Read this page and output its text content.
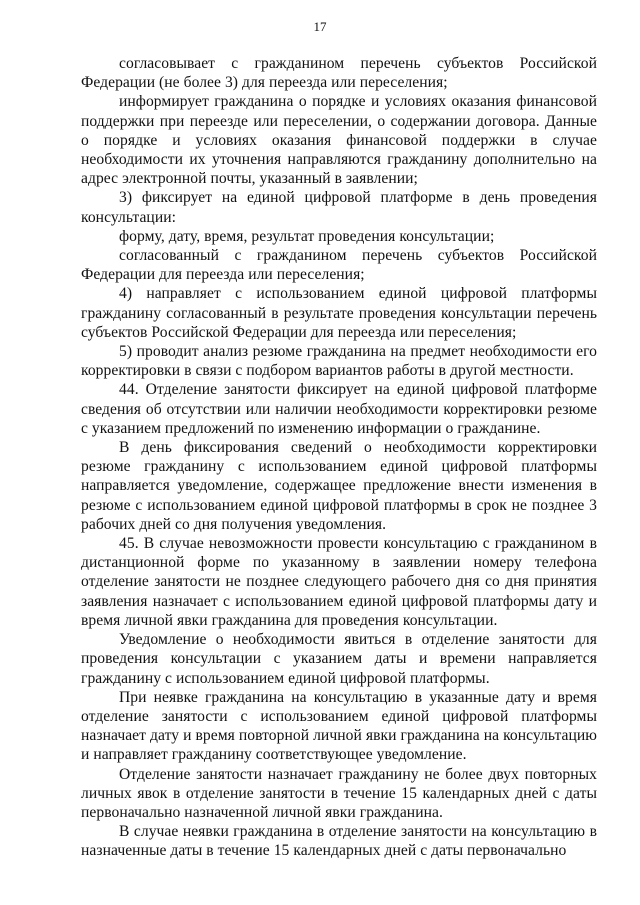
17

согласовывает с гражданином перечень субъектов Российской Федерации (не более 3) для переезда или переселения;

информирует гражданина о порядке и условиях оказания финансовой поддержки при переезде или переселении, о содержании договора. Данные о порядке и условиях оказания финансовой поддержки в случае необходимости их уточнения направляются гражданину дополнительно на адрес электронной почты, указанный в заявлении;

3) фиксирует на единой цифровой платформе в день проведения консультации:

форму, дату, время, результат проведения консультации;

согласованный с гражданином перечень субъектов Российской Федерации для переезда или переселения;

4) направляет с использованием единой цифровой платформы гражданину согласованный в результате проведения консультации перечень субъектов Российской Федерации для переезда или переселения;

5) проводит анализ резюме гражданина на предмет необходимости его корректировки в связи с подбором вариантов работы в другой местности.

44. Отделение занятости фиксирует на единой цифровой платформе сведения об отсутствии или наличии необходимости корректировки резюме с указанием предложений по изменению информации о гражданине.

В день фиксирования сведений о необходимости корректировки резюме гражданину с использованием единой цифровой платформы направляется уведомление, содержащее предложение внести изменения в резюме с использованием единой цифровой платформы в срок не позднее 3 рабочих дней со дня получения уведомления.

45. В случае невозможности провести консультацию с гражданином в дистанционной форме по указанному в заявлении номеру телефона отделение занятости не позднее следующего рабочего дня со дня принятия заявления назначает с использованием единой цифровой платформы дату и время личной явки гражданина для проведения консультации.

Уведомление о необходимости явиться в отделение занятости для проведения консультации с указанием даты и времени направляется гражданину с использованием единой цифровой платформы.

При неявке гражданина на консультацию в указанные дату и время отделение занятости с использованием единой цифровой платформы назначает дату и время повторной личной явки гражданина на консультацию и направляет гражданину соответствующее уведомление.

Отделение занятости назначает гражданину не более двух повторных личных явок в отделение занятости в течение 15 календарных дней с даты первоначально назначенной личной явки гражданина.

В случае неявки гражданина в отделение занятости на консультацию в назначенные даты в течение 15 календарных дней с даты первоначально
